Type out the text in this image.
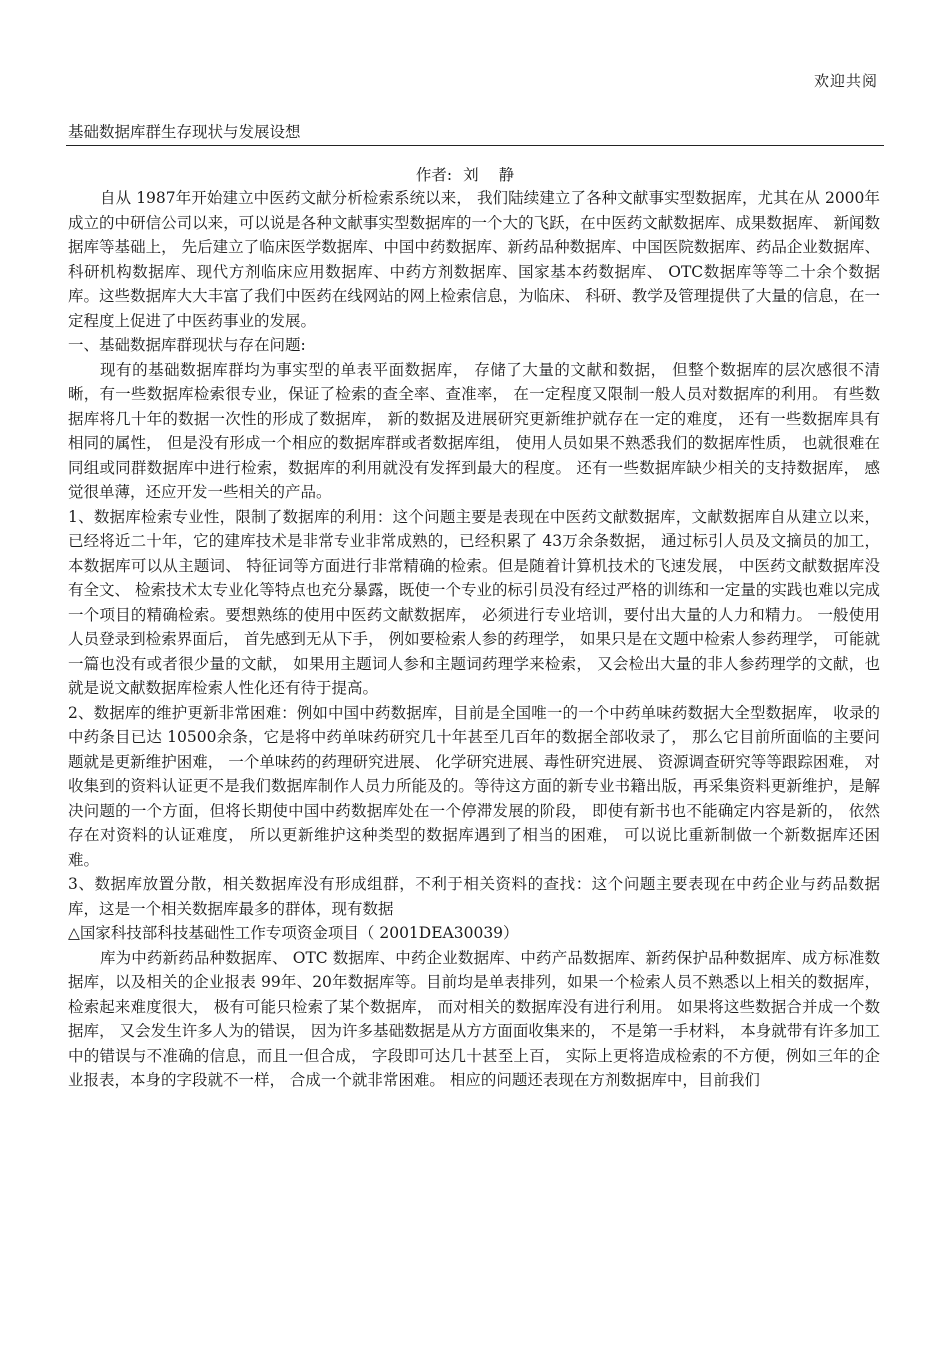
欢迎共阅
基础数据库群生存现状与发展设想
作者: 刘静

自从 1987年开始建立中医药文献分析检索系统以来， 我们陆续建立了各种文献事实型数据库，尤其在从 2000年成立的中研信公司以来，可以说是各种文献事实型数据库的一个大的飞跃，在中医药文献数据库、成果数据库、 新闻数据库等基础上， 先后建立了临床医学数据库、中国中药数据库、新药品种数据库、中国医院数据库、药品企业数据库、科研机构数据库、现代方剂临床应用数据库、中药方剂数据库、国家基本药数据库、 OTC数据库等等二十余个数据库。这些数据库大大丰富了我们中医药在线网站的网上检索信息，为临床、 科研、教学及管理提供了大量的信息，在一定程度上促进了中医药事业的发展。

一、基础数据库群现状与存在问题:

现有的基础数据库群均为事实型的单表平面数据库， 存储了大量的文献和数据， 但整个数据库的层次感很不清晰，有一些数据库检索很专业，保证了检索的查全率、查准率， 在一定程度又限制一般人员对数据库的利用。 有些数据库将几十年的数据一次性的形成了数据库， 新的数据及进展研究更新维护就存在一定的难度， 还有一些数据库具有相同的属性， 但是没有形成一个相应的数据库群或者数据库组， 使用人员如果不熟悉我们的数据库性质， 也就很难在同组或同群数据库中进行检索，数据库的利用就没有发挥到最大的程度。 还有一些数据库缺少相关的支持数据库， 感觉很单薄，还应开发一些相关的产品。

1、数据库检索专业性，限制了数据库的利用：这个问题主要是表现在中医药文献数据库，文献数据库自从建立以来，已经将近二十年，它的建库技术是非常专业非常成熟的，已经积累了 43万余条数据， 通过标引人员及文摘员的加工， 本数据库可以从主题词、 特征词等方面进行非常精确的检索。但是随着计算机技术的飞速发展， 中医药文献数据库没有全文、 检索技术太专业化等特点也充分暴露，既使一个专业的标引员没有经过严格的训练和一定量的实践也难以完成一个项目的精确检索。要想熟练的使用中医药文献数据库， 必须进行专业培训，要付出大量的人力和精力。 一般使用人员登录到检索界面后， 首先感到无从下手， 例如要检索人参的药理学， 如果只是在文题中检索人参药理学， 可能就一篇也没有或者很少量的文献， 如果用主题词人参和主题词药理学来检索， 又会检出大量的非人参药理学的文献，也就是说文献数据库检索人性化还有待于提高。

2、数据库的维护更新非常困难：例如中国中药数据库，目前是全国唯一的一个中药单味药数据大全型数据库， 收录的中药条目已达 10500余条，它是将中药单味药研究几十年甚至几百年的数据全部收录了， 那么它目前所面临的主要问题就是更新维护困难， 一个单味药的药理研究进展、 化学研究进展、毒性研究进展、 资源调查研究等等跟踪困难， 对收集到的资料认证更不是我们数据库制作人员力所能及的。等待这方面的新专业书籍出版，再采集资料更新维护，是解决问题的一个方面，但将长期使中国中药数据库处在一个停滞发展的阶段， 即使有新书也不能确定内容是新的， 依然存在对资料的认证难度， 所以更新维护这种类型的数据库遇到了相当的困难， 可以说比重新制做一个新数据库还困难。

3、数据库放置分散，相关数据库没有形成组群，不利于相关资料的查找：这个问题主要表现在中药企业与药品数据库，这是一个相关数据库最多的群体，现有数据

△国家科技部科技基础性工作专项资金项目（ 2001DEA30039）

库为中药新药品种数据库、 OTC 数据库、中药企业数据库、中药产品数据库、新药保护品种数据库、成方标准数据库，以及相关的企业报表 99年、20年数据库等。目前均是单表排列，如果一个检索人员不熟悉以上相关的数据库， 检索起来难度很大， 极有可能只检索了某个数据库， 而对相关的数据库没有进行利用。 如果将这些数据合并成一个数据库， 又会发生许多人为的错误， 因为许多基础数据是从方方面面收集来的， 不是第一手材料， 本身就带有许多加工中的错误与不准确的信息，而且一但合成， 字段即可达几十甚至上百， 实际上更将造成检索的不方便，例如三年的企业报表，本身的字段就不一样， 合成一个就非常困难。 相应的问题还表现在方剂数据库中，目前我们
